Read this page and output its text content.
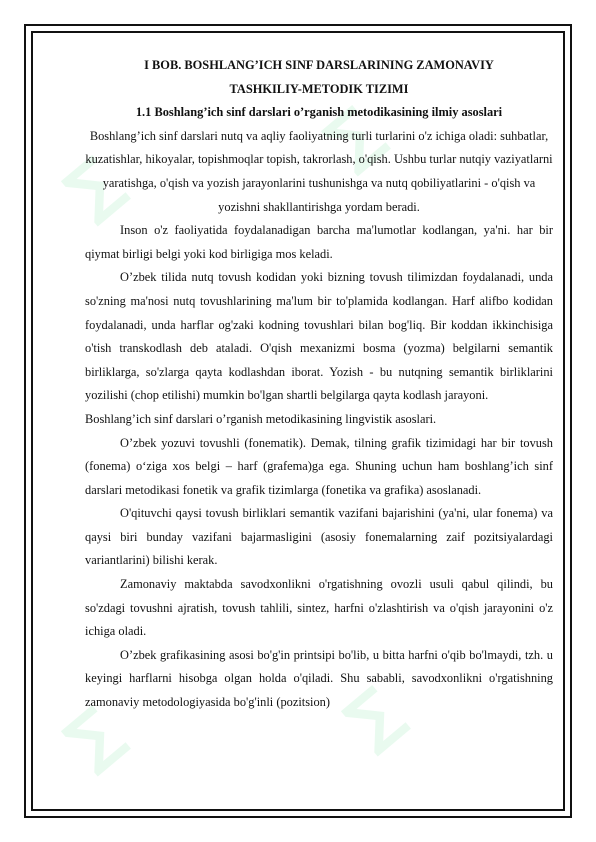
∑
∑
∑	∑

I BOB. BOSHLANG’ICH SINF DARSLARINING ZAMONAVIY TASHKILIY-METODIK TIZIMI

1.1 Boshlang’ich sinf darslari o’rganish metodikasining ilmiy asoslari

Boshlang’ich sinf darslari nutq va aqliy faoliyatning turli turlarini o'z ichiga oladi: suhbatlar, kuzatishlar, hikoyalar, topishmoqlar topish, takrorlash, o'qish. Ushbu turlar nutqiy vaziyatlarni yaratishga, o'qish va yozish jarayonlarini tushunishga va nutq qobiliyatlarini - o'qish va yozishni shakllantirishga yordam beradi.

Inson o'z faoliyatida foydalanadigan barcha ma'lumotlar kodlangan, ya'ni. har bir qiymat birligi belgi yoki kod birligiga mos keladi.

O’zbek tilida nutq tovush kodidan yoki bizning tovush tilimizdan foydalanadi, unda so'zning ma'nosi nutq tovushlarining ma'lum bir to'plamida kodlangan. Harf alifbo kodidan foydalanadi, unda harflar og'zaki kodning tovushlari bilan bog'liq. Bir koddan ikkinchisiga o'tish transkodlash deb ataladi. O'qish mexanizmi bosma (yozma) belgilarni semantik birliklarga, so'zlarga qayta kodlashdan iborat. Yozish - bu nutqning semantik birliklarini yozilishi (chop etilishi) mumkin bo'lgan shartli belgilarga qayta kodlash jarayoni.

Boshlang’ich sinf darslari o’rganish metodikasining lingvistik asoslari.

O’zbek yozuvi tovushli (fonematik). Demak, tilning grafik tizimidagi har bir tovush (fonema) o‘ziga xos belgi – harf (grafema)ga ega. Shuning uchun ham boshlang’ich sinf darslari metodikasi fonetik va grafik tizimlarga (fonetika va grafika) asoslanadi.

O'qituvchi qaysi tovush birliklari semantik vazifani bajarishini (ya'ni, ular fonema) va qaysi biri bunday vazifani bajarmasligini (asosiy fonemalarning zaif pozitsiyalardagi variantlarini) bilishi kerak.

Zamonaviy maktabda savodxonlikni o'rgatishning ovozli usuli qabul qilindi, bu so'zdagi tovushni ajratish, tovush tahlili, sintez, harfni o'zlashtirish va o'qish jarayonini o'z ichiga oladi.

O’zbek grafikasining asosi bo'g'in printsipi bo'lib, u bitta harfni o'qib bo'lmaydi, tzh. u keyingi harflarni hisobga olgan holda o'qiladi. Shu sababli, savodxonlikni o'rgatishning zamonaviy metodologiyasida bo'g'inli (pozitsion)
